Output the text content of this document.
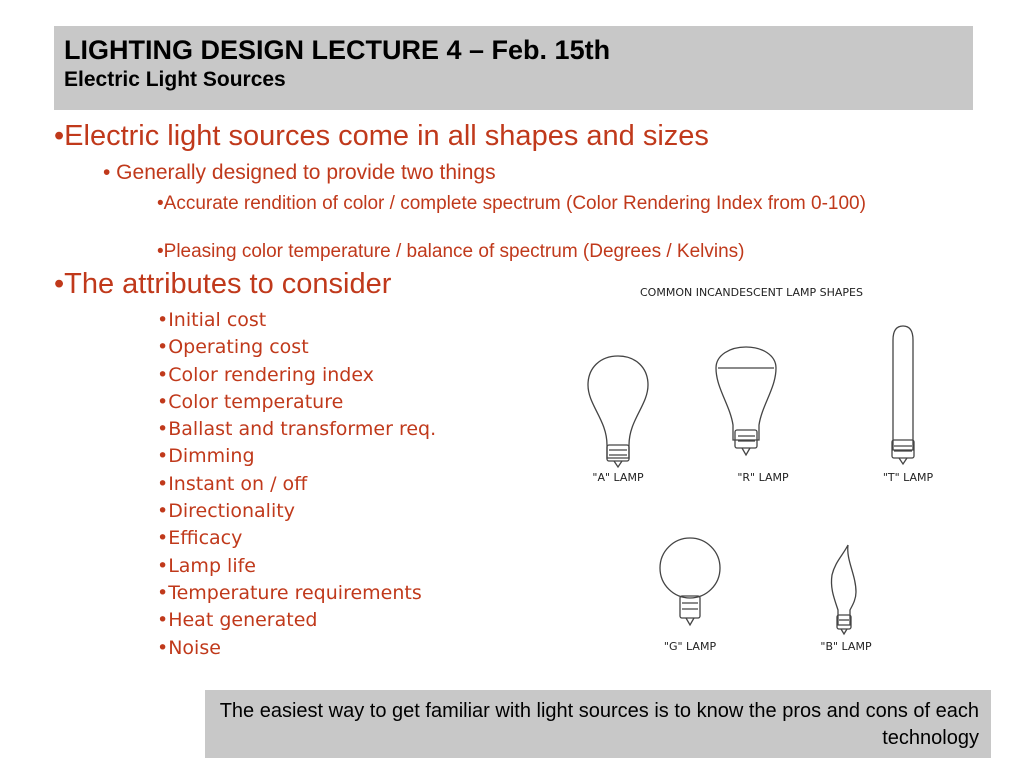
LIGHTING DESIGN LECTURE 4 – Feb. 15th
Electric Light Sources
•Electric light sources come in all shapes and sizes
• Generally designed to provide two things
•Accurate rendition of color / complete spectrum (Color Rendering Index from 0-100)
•Pleasing color temperature / balance of spectrum (Degrees / Kelvins)
•The attributes to consider
•Initial cost
•Operating cost
•Color rendering index
•Color temperature
•Ballast and transformer req.
•Dimming
•Instant on / off
•Directionality
•Efficacy
•Lamp life
•Temperature requirements
•Heat generated
•Noise
COMMON INCANDESCENT LAMP SHAPES
"A" LAMP	"R" LAMP	"T" LAMP
"G" LAMP	"B" LAMP
The easiest way to get familiar with light sources is to know the pros and cons of each technology
